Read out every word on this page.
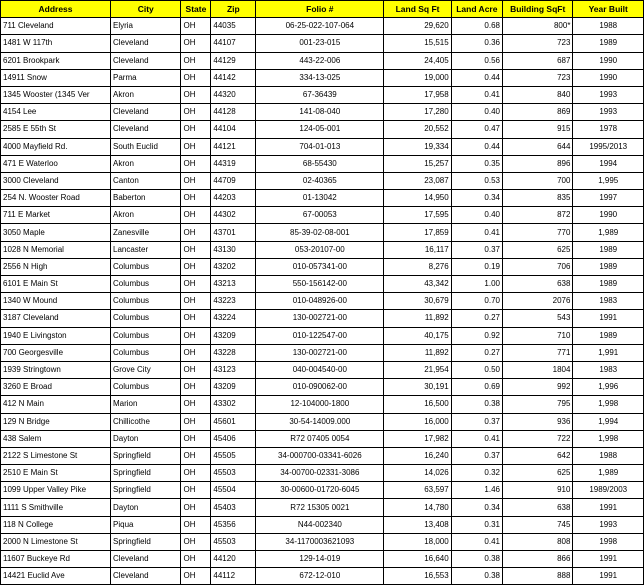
Address	City	State	Zip	Folio #	Land Sq Ft	Land Acre	Building SqFt	Year Built
711 Cleveland	Elyria	OH	44035	06-25-022-107-064	29,620	0.68	800*	1988
1481 W 117th	Cleveland	OH	44107	001-23-015	15,515	0.36	723	1989
6201 Brookpark	Cleveland	OH	44129	443-22-006	24,405	0.56	687	1990
14911 Snow	Parma	OH	44142	334-13-025	19,000	0.44	723	1990
1345 Wooster (1345 Ver	Akron	OH	44320	67-36439	17,958	0.41	840	1993
4154 Lee	Cleveland	OH	44128	141-08-040	17,280	0.40	869	1993
2585 E 55th St	Cleveland	OH	44104	124-05-001	20,552	0.47	915	1978
4000 Mayfield Rd.	South Euclid	OH	44121	704-01-013	19,334	0.44	644	1995/2013
471 E Waterloo	Akron	OH	44319	68-55430	15,257	0.35	896	1994
3000 Cleveland	Canton	OH	44709	02-40365	23,087	0.53	700	1,995
254 N. Wooster Road	Baberton	OH	44203	01-13042	14,950	0.34	835	1997
711 E Market	Akron	OH	44302	67-00053	17,595	0.40	872	1990
3050 Maple	Zanesville	OH	43701	85-39-02-08-001	17,859	0.41	770	1,989
1028 N Memorial	Lancaster	OH	43130	053-20107-00	16,117	0.37	625	1989
2556 N High	Columbus	OH	43202	010-057341-00	8,276	0.19	706	1989
6101 E Main St	Columbus	OH	43213	550-156142-00	43,342	1.00	638	1989
1340 W Mound	Columbus	OH	43223	010-048926-00	30,679	0.70	2076	1983
3187 Cleveland	Columbus	OH	43224	130-002721-00	11,892	0.27	543	1991
1940 E Livingston	Columbus	OH	43209	010-122547-00	40,175	0.92	710	1989
700 Georgesville	Columbus	OH	43228	130-002721-00	11,892	0.27	771	1,991
1939 Stringtown	Grove City	OH	43123	040-004540-00	21,954	0.50	1804	1983
3260 E Broad	Columbus	OH	43209	010-090062-00	30,191	0.69	992	1,996
412 N Main	Marion	OH	43302	12-104000-1800	16,500	0.38	795	1,998
129 N Bridge	Chillicothe	OH	45601	30-54-14009.000	16,000	0.37	936	1,994
438 Salem	Dayton	OH	45406	R72 07405 0054	17,982	0.41	722	1,998
2122 S Limestone St	Springfield	OH	45505	34-000700-03341-6026	16,240	0.37	642	1988
2510 E Main St	Springfield	OH	45503	34-00700-02331-3086	14,026	0.32	625	1,989
1099 Upper Valley Pike	Springfield	OH	45504	30-00600-01720-6045	63,597	1.46	910	1989/2003
1111 S Smithville	Dayton	OH	45403	R72 15305 0021	14,780	0.34	638	1991
118 N College	Piqua	OH	45356	N44-002340	13,408	0.31	745	1993
2000 N Limestone St	Springfield	OH	45503	34-1170003621093	18,000	0.41	808	1998
11607 Buckeye Rd	Cleveland	OH	44120	129-14-019	16,640	0.38	866	1991
14421 Euclid Ave	Cleveland	OH	44112	672-12-010	16,553	0.38	888	1991
